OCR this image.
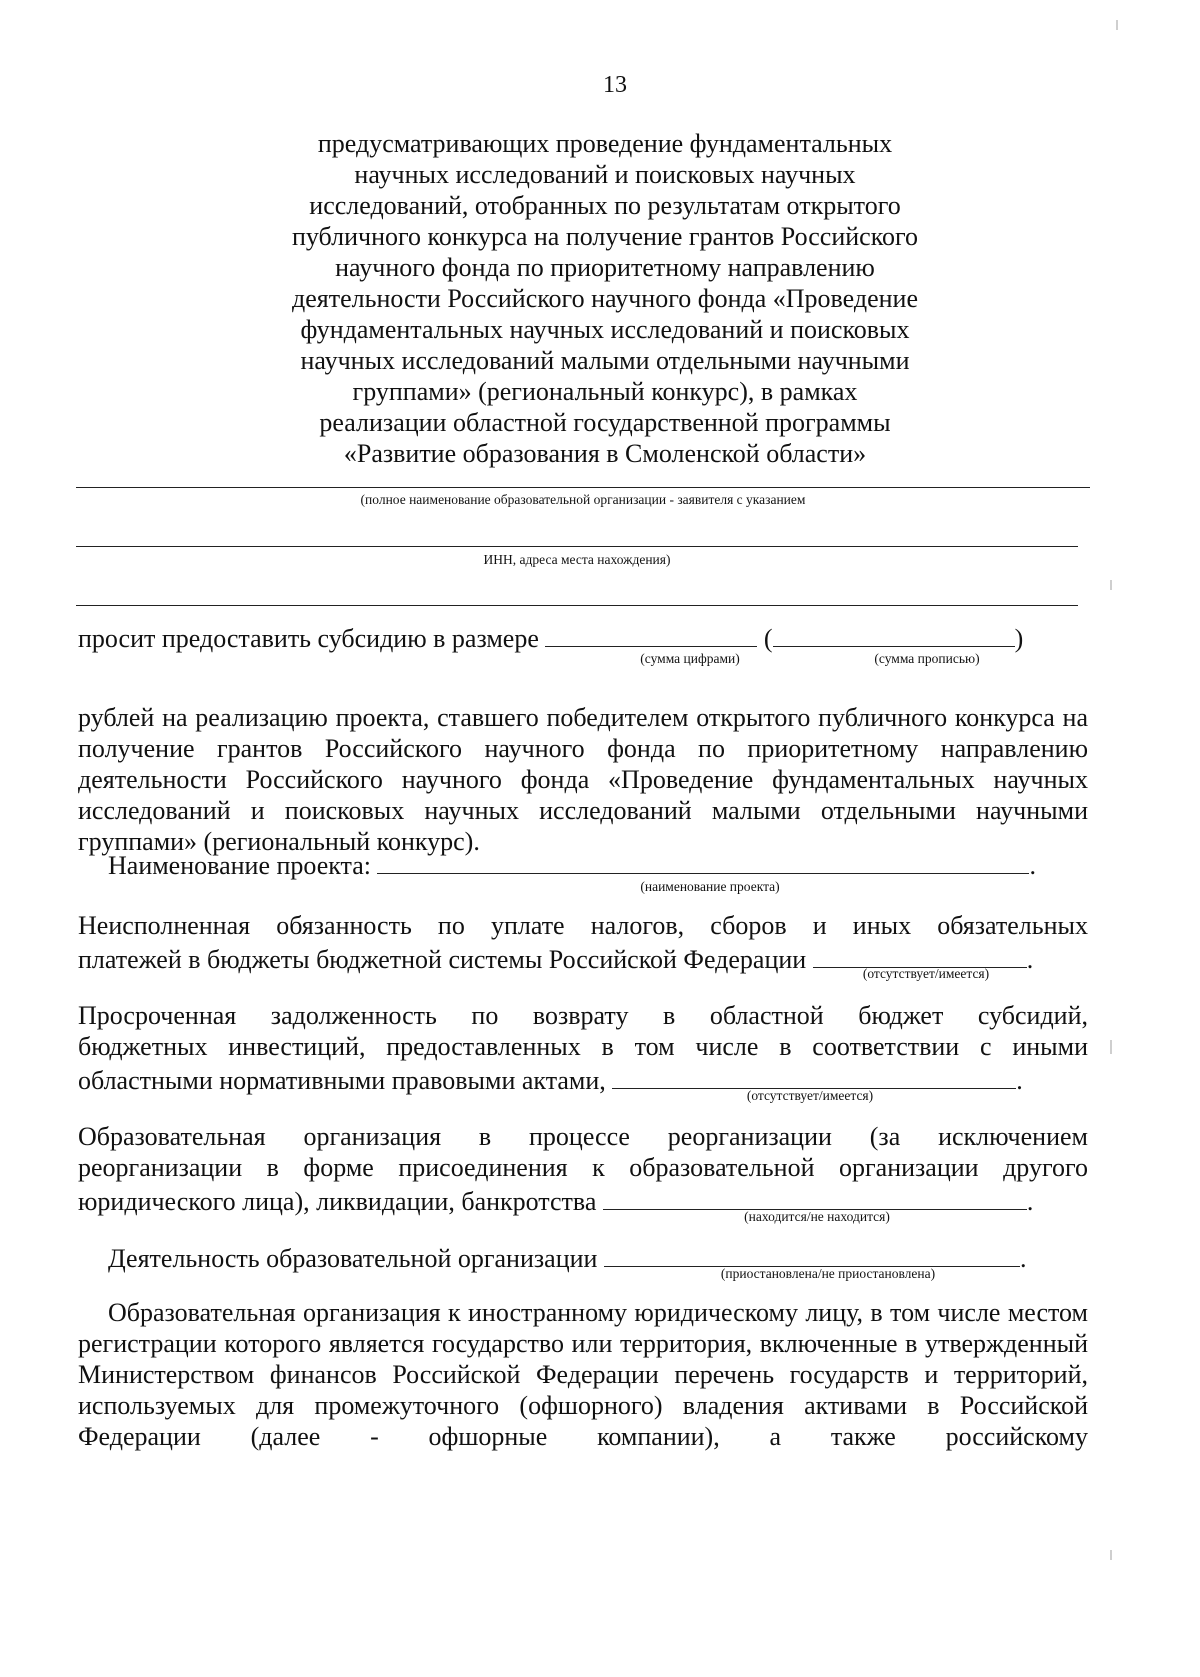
13
предусматривающих проведение фундаментальных
научных исследований и поисковых научных
исследований, отобранных по результатам открытого
публичного конкурса на получение грантов Российского
научного фонда по приоритетному направлению
деятельности Российского научного фонда «Проведение
фундаментальных научных исследований и поисковых
научных исследований малыми отдельными научными
группами» (региональный конкурс), в рамках
реализации областной государственной программы
«Развитие образования в Смоленской области»
(полное наименование образовательной организации - заявителя с указанием
ИНН, адреса места нахождения)
просит предоставить субсидию в размере	(	)
(сумма цифрами)	(сумма прописью)
рублей на реализацию проекта, ставшего победителем открытого публичного конкурса на получение грантов Российского научного фонда по приоритетному направлению деятельности Российского научного фонда «Проведение фундаментальных научных исследований и поисковых научных исследований малыми отдельными научными группами» (региональный конкурс).
Наименование проекта:	.
(наименование проекта)
Неисполненная обязанность по уплате налогов, сборов и иных обязательных
платежей в бюджеты бюджетной системы Российской Федерации	.
(отсутствует/имеется)
Просроченная задолженность по возврату в областной бюджет субсидий,
бюджетных инвестиций, предоставленных в том числе в соответствии с иными
областными нормативными правовыми актами,	.
(отсутствует/имеется)
Образовательная организация в процессе реорганизации (за исключением
реорганизации в форме присоединения к образовательной организации другого
юридического лица), ликвидации, банкротства	.
(находится/не находится)
Деятельность образовательной организации	.
(приостановлена/не приостановлена)
Образовательная организация к иностранному юридическому лицу, в том числе местом регистрации которого является государство или территория, включенные в утвержденный Министерством финансов Российской Федерации перечень государств и территорий, используемых для промежуточного (офшорного) владения активами в Российской Федерации (далее - офшорные компании), а также российскому
